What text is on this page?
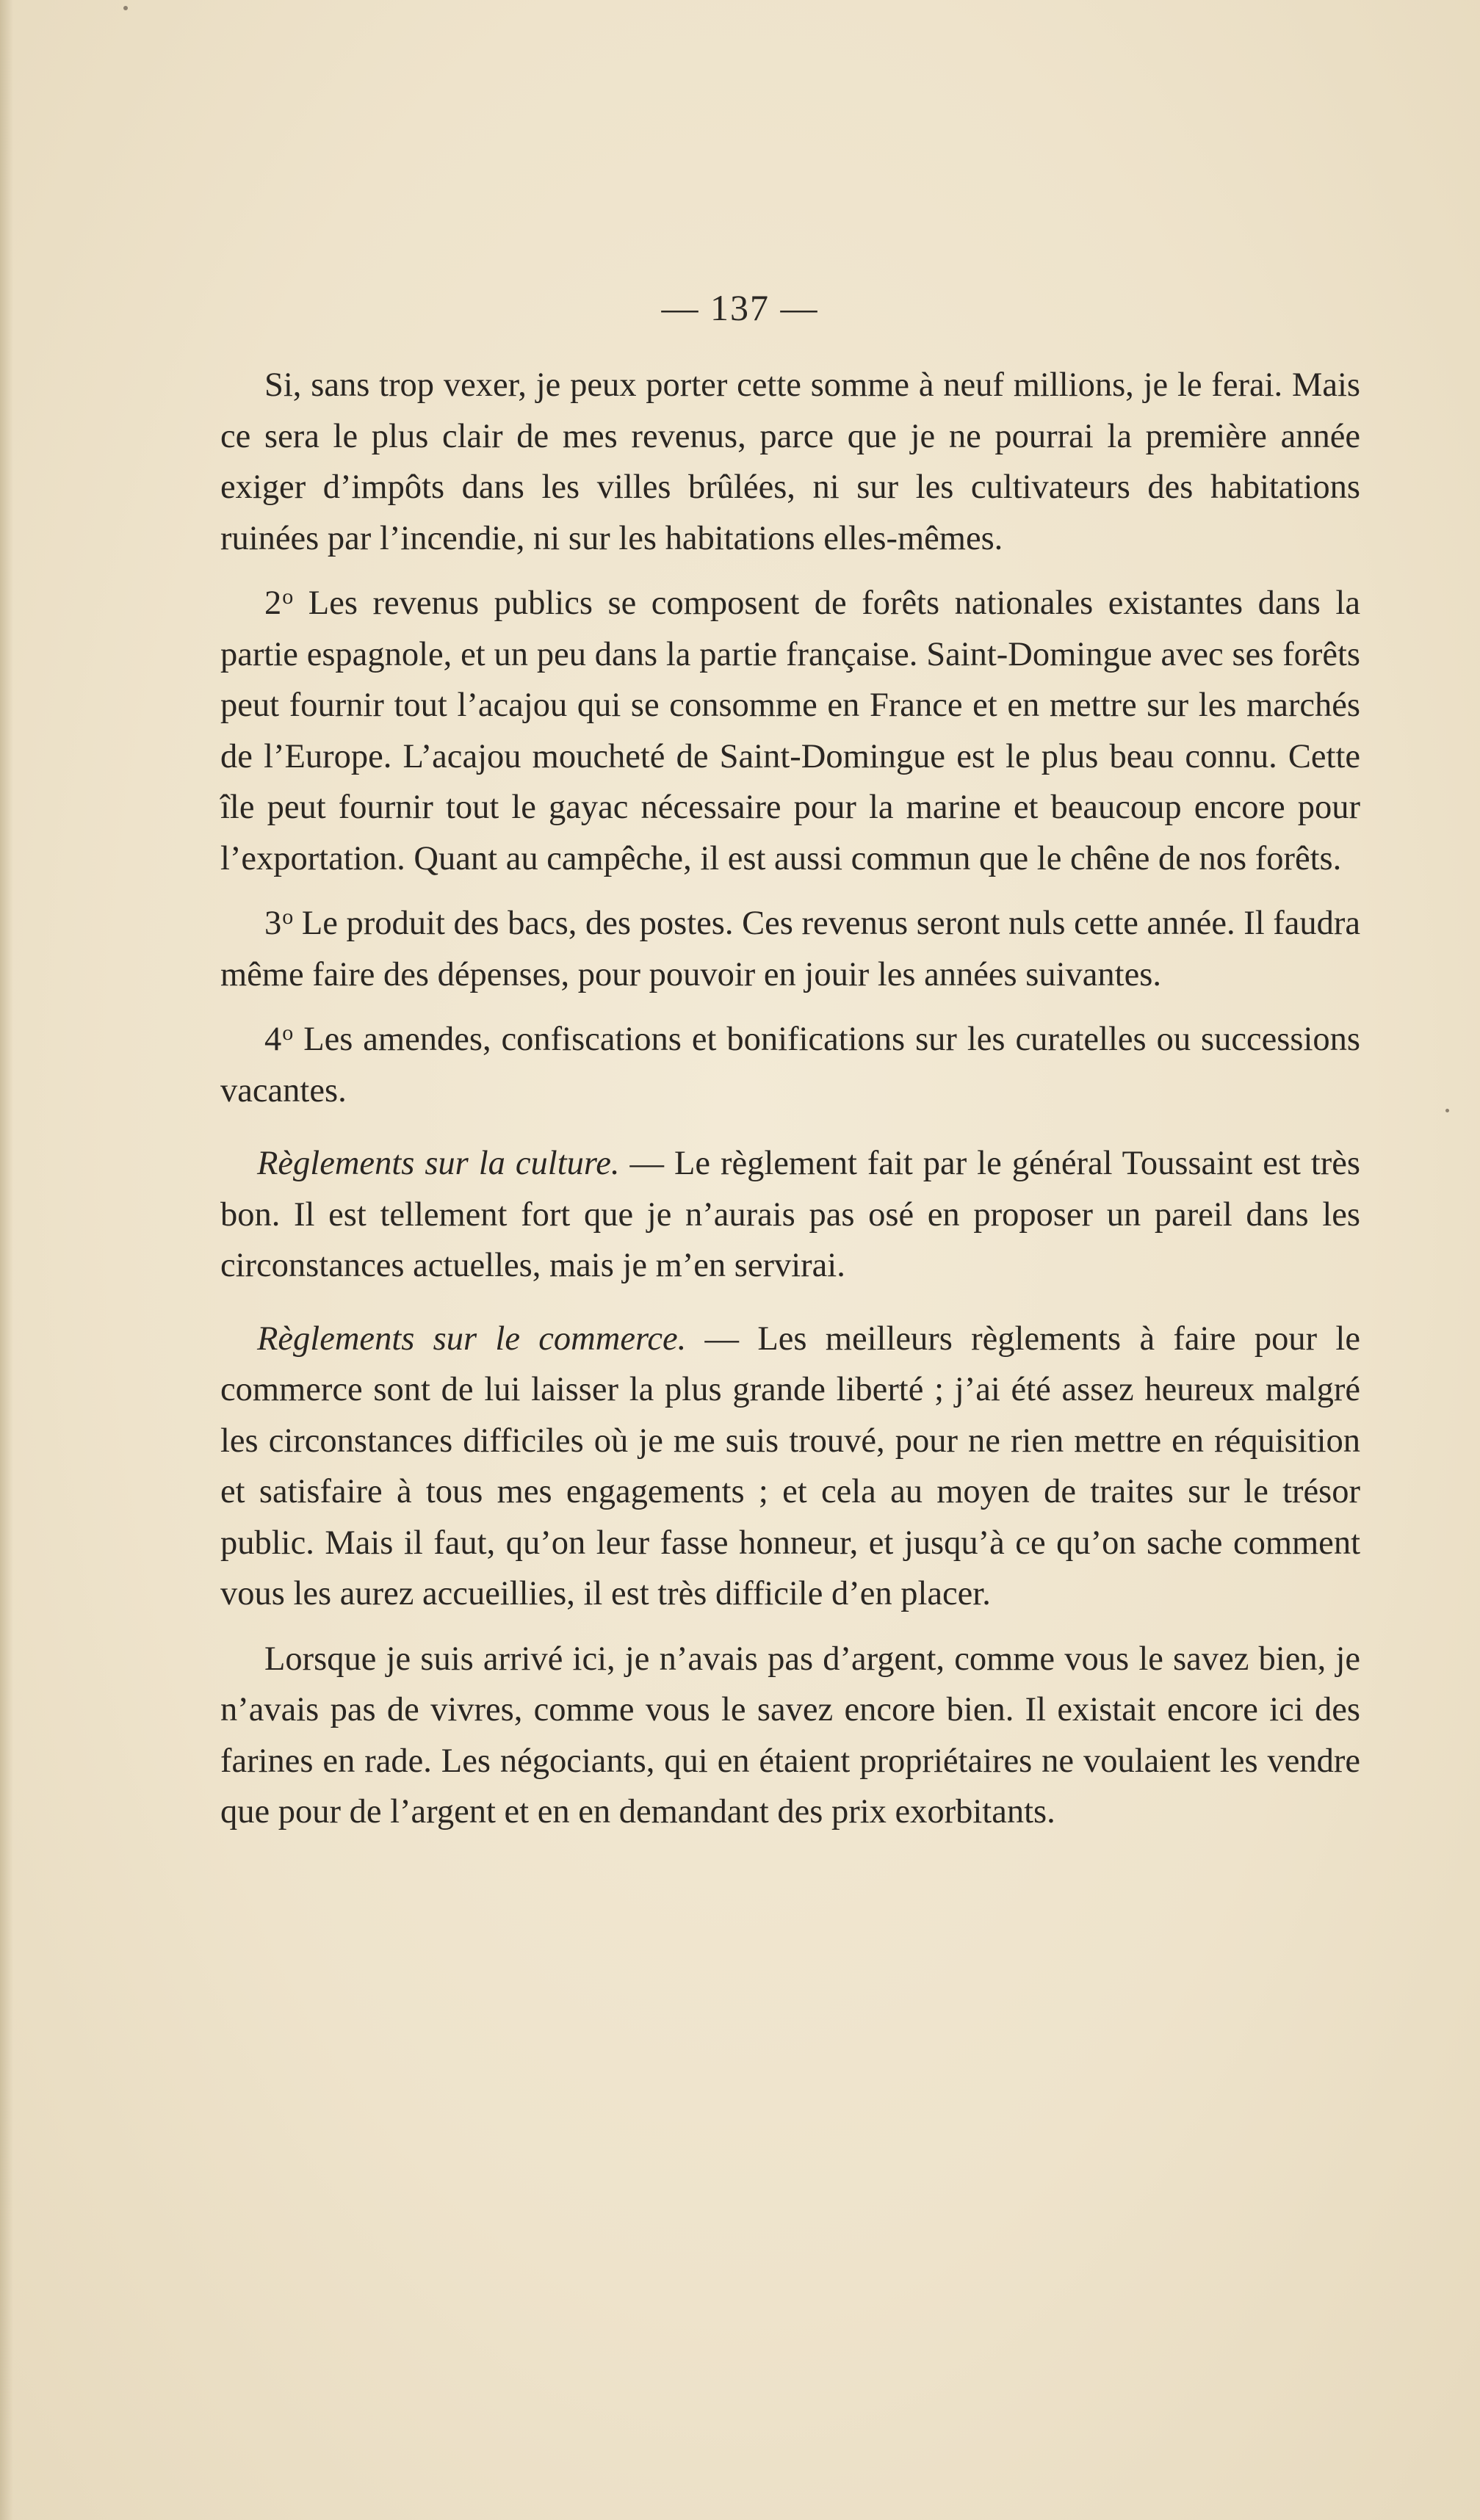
— 137 —

Si, sans trop vexer, je peux porter cette somme à neuf millions, je le ferai. Mais ce sera le plus clair de mes revenus, parce que je ne pourrai la première année exiger d’impôts dans les villes brûlées, ni sur les cultivateurs des habitations ruinées par l’incendie, ni sur les habitations elles-mêmes.

2$^o$ Les revenus publics se composent de forêts nationales existantes dans la partie espagnole, et un peu dans la partie française. Saint-Domingue avec ses forêts peut fournir tout l’acajou qui se consomme en France et en mettre sur les marchés de l’Europe. L’acajou moucheté de Saint-Domingue est le plus beau connu. Cette île peut fournir tout le gayac nécessaire pour la marine et beaucoup encore pour l’exportation. Quant au campêche, il est aussi commun que le chêne de nos forêts.

3$^o$ Le produit des bacs, des postes. Ces revenus seront nuls cette année. Il faudra même faire des dépenses, pour pouvoir en jouir les années suivantes.

4$^o$ Les amendes, confiscations et bonifications sur les curatelles ou successions vacantes.

Règlements sur la culture. — Le règlement fait par le général Toussaint est très bon. Il est tellement fort que je n’aurais pas osé en proposer un pareil dans les circonstances actuelles, mais je m’en servirai.

Règlements sur le commerce. — Les meilleurs règlements à faire pour le commerce sont de lui laisser la plus grande liberté ; j’ai été assez heureux malgré les circonstances difficiles où je me suis trouvé, pour ne rien mettre en réquisition et satisfaire à tous mes engagements ; et cela au moyen de traites sur le trésor public. Mais il faut, qu’on leur fasse honneur, et jusqu’à ce qu’on sache comment vous les aurez accueillies, il est très difficile d’en placer.

Lorsque je suis arrivé ici, je n’avais pas d’argent, comme vous le savez bien, je n’avais pas de vivres, comme vous le savez encore bien. Il existait encore ici des farines en rade. Les négociants, qui en étaient propriétaires ne voulaient les vendre que pour de l’argent et en en demandant des prix exorbitants.
